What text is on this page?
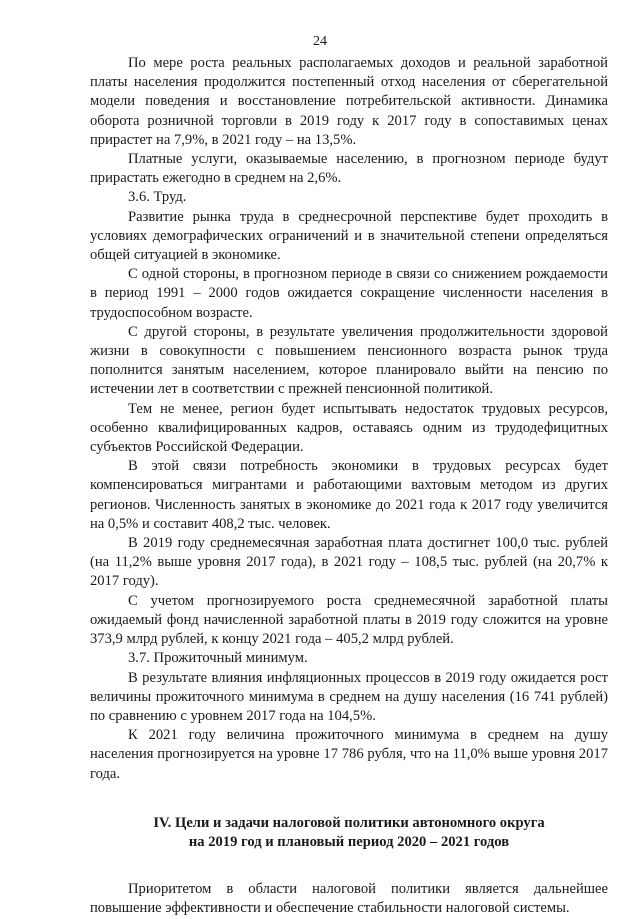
24

По мере роста реальных располагаемых доходов и реальной заработной платы населения продолжится постепенный отход населения от сберегательной модели поведения и восстановление потребительской активности. Динамика оборота розничной торговли в 2019 году к 2017 году в сопоставимых ценах прирастет на 7,9%, в 2021 году – на 13,5%.

Платные услуги, оказываемые населению, в прогнозном периоде будут прирастать ежегодно в среднем на 2,6%.

3.6. Труд.

Развитие рынка труда в среднесрочной перспективе будет проходить в условиях демографических ограничений и в значительной степени определяться общей ситуацией в экономике.

С одной стороны, в прогнозном периоде в связи со снижением рождаемости в период 1991 – 2000 годов ожидается сокращение численности населения в трудоспособном возрасте.

С другой стороны, в результате увеличения продолжительности здоровой жизни в совокупности с повышением пенсионного возраста рынок труда пополнится занятым населением, которое планировало выйти на пенсию по истечении лет в соответствии с прежней пенсионной политикой.

Тем не менее, регион будет испытывать недостаток трудовых ресурсов, особенно квалифицированных кадров, оставаясь одним из трудодефицитных субъектов Российской Федерации.

В этой связи потребность экономики в трудовых ресурсах будет компенсироваться мигрантами и работающими вахтовым методом из других регионов. Численность занятых в экономике до 2021 года к 2017 году увеличится на 0,5% и составит 408,2 тыс. человек.

В 2019 году среднемесячная заработная плата достигнет 100,0 тыс. рублей (на 11,2% выше уровня 2017 года), в 2021 году – 108,5 тыс. рублей (на 20,7% к 2017 году).

С учетом прогнозируемого роста среднемесячной заработной платы ожидаемый фонд начисленной заработной платы в 2019 году сложится на уровне 373,9 млрд рублей, к концу 2021 года – 405,2 млрд рублей.

3.7. Прожиточный минимум.

В результате влияния инфляционных процессов в 2019 году ожидается рост величины прожиточного минимума в среднем на душу населения (16 741 рублей) по сравнению с уровнем 2017 года на 104,5%.

К 2021 году величина прожиточного минимума в среднем на душу населения прогнозируется на уровне 17 786 рубля, что на 11,0% выше уровня 2017 года.

IV. Цели и задачи налоговой политики автономного округа
на 2019 год и плановый период 2020 – 2021 годов

Приоритетом в области налоговой политики является дальнейшее повышение эффективности и обеспечение стабильности налоговой системы.
